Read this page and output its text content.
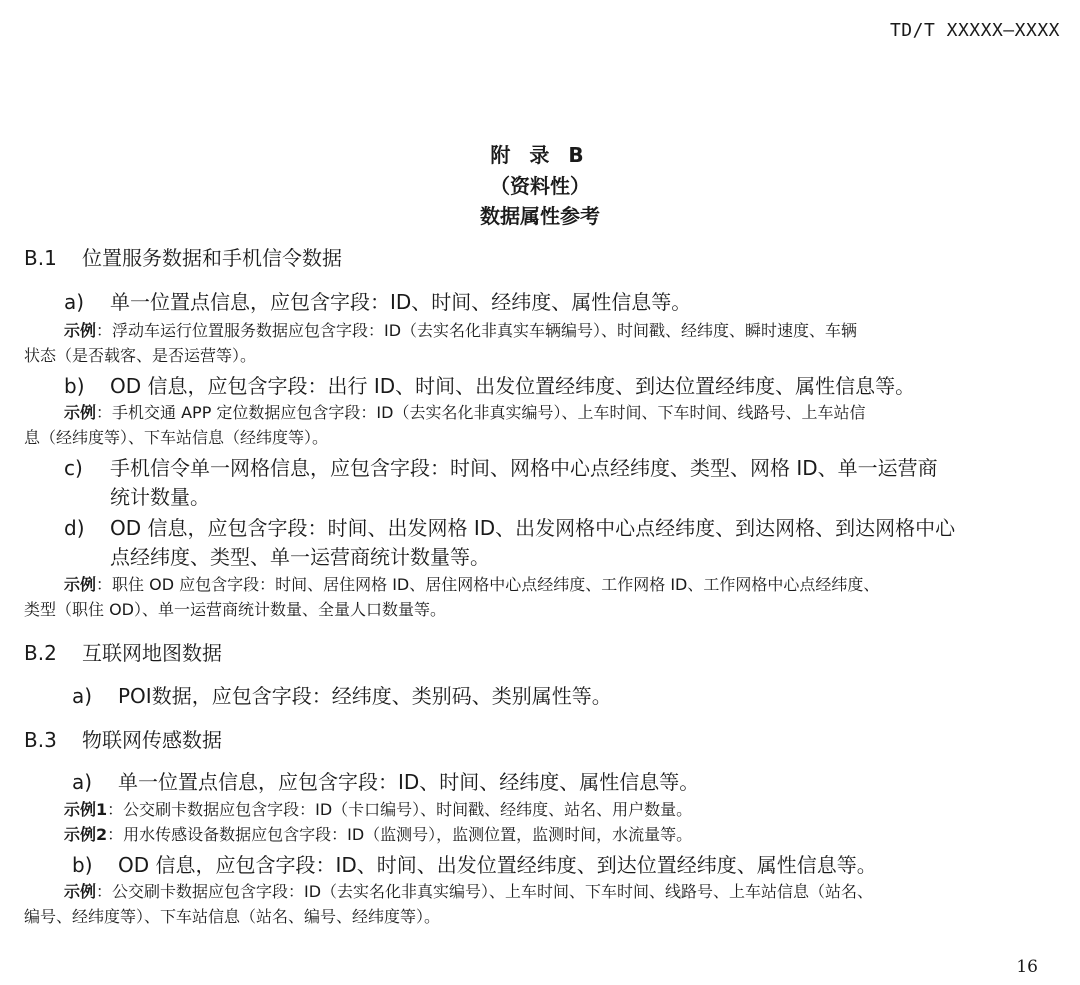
TD/T XXXXX—XXXX
附 录 B
（资料性）
数据属性参考
B.1 位置服务数据和手机信令数据
a) 单一位置点信息，应包含字段：ID、时间、经纬度、属性信息等。
示例：浮动车运行位置服务数据应包含字段：ID（去实名化非真实车辆编号）、时间戳、经纬度、瞬时速度、车辆
状态（是否载客、是否运营等）。
b) OD 信息，应包含字段：出行 ID、时间、出发位置经纬度、到达位置经纬度、属性信息等。
示例：手机交通 APP 定位数据应包含字段：ID（去实名化非真实编号）、上车时间、下车时间、线路号、上车站信
息（经纬度等）、下车站信息（经纬度等）。
c) 手机信令单一网格信息，应包含字段：时间、网格中心点经纬度、类型、网格 ID、单一运营商
统计数量。
d) OD 信息，应包含字段：时间、出发网格 ID、出发网格中心点经纬度、到达网格、到达网格中心
点经纬度、类型、单一运营商统计数量等。
示例：职住 OD 应包含字段：时间、居住网格 ID、居住网格中心点经纬度、工作网格 ID、工作网格中心点经纬度、
类型（职住 OD）、单一运营商统计数量、全量人口数量等。
B.2 互联网地图数据
a) POI数据，应包含字段：经纬度、类别码、类别属性等。
B.3 物联网传感数据
a) 单一位置点信息，应包含字段：ID、时间、经纬度、属性信息等。
示例1：公交刷卡数据应包含字段：ID（卡口编号）、时间戳、经纬度、站名、用户数量。
示例2：用水传感设备数据应包含字段：ID（监测号），监测位置，监测时间，水流量等。
b) OD 信息，应包含字段：ID、时间、出发位置经纬度、到达位置经纬度、属性信息等。
示例：公交刷卡数据应包含字段：ID（去实名化非真实编号）、上车时间、下车时间、线路号、上车站信息（站名、
编号、经纬度等）、下车站信息（站名、编号、经纬度等）。
16
